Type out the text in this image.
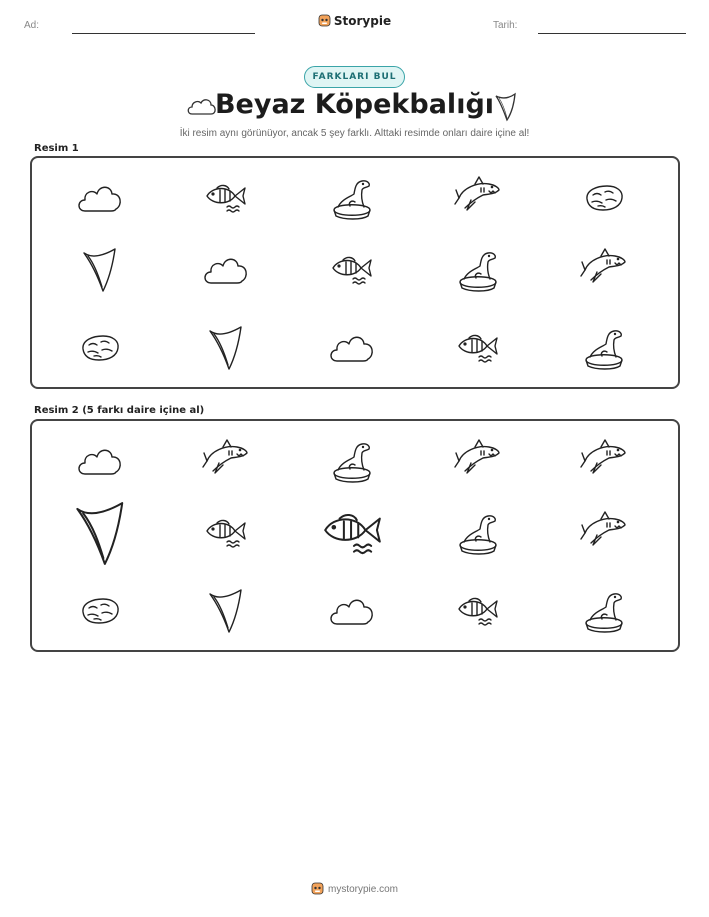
Ad:	Storypie	Tarih:
FARKLARI BUL
Beyaz Köpekbalığı
İki resim aynı görünüyor, ancak 5 şey farklı. Alttaki resimde onları daire içine al!
Resim 1
Resim 2 (5 farkı daire içine al)
mystorypie.com
